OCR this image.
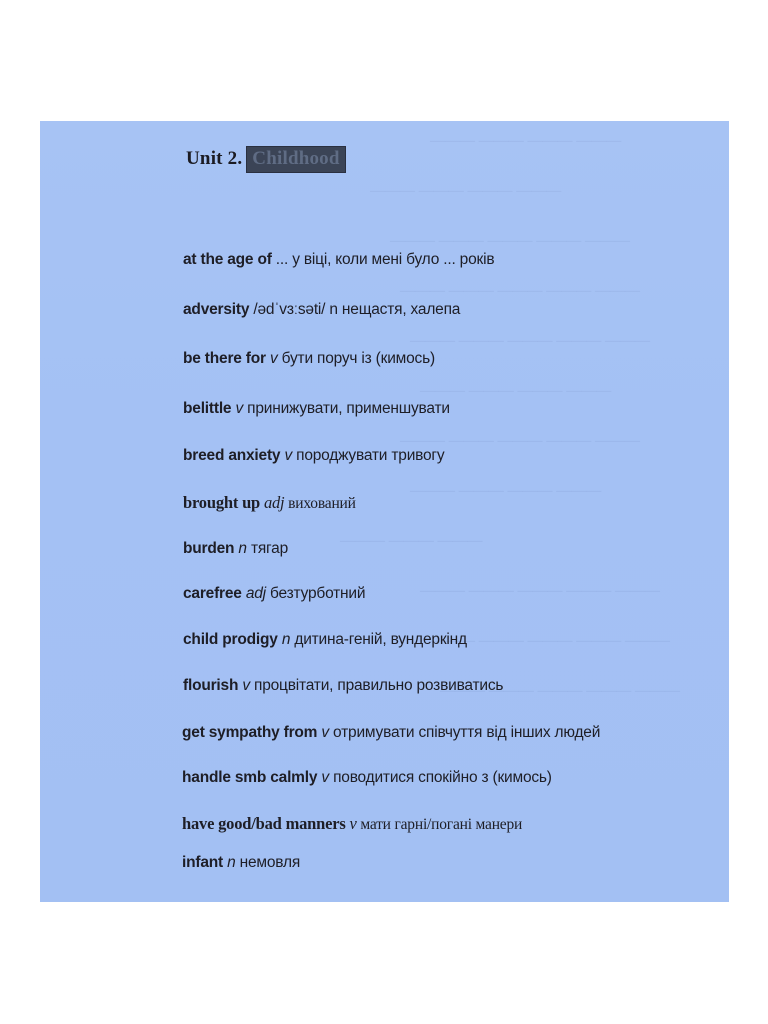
——— ——— ——— ———
——— ——— ——— ———
——— ——— ——— ——— ———
——— ——— ——— ——— ———
——— ——— ——— ——— ———
——— ——— ——— ———
——— ——— ——— ——— ———
——— ——— ——— ———
——— ——— ———
——— ——— ——— ——— ———
——— ——— ——— ——— ———
——— ——— ——— ——— ———
Unit 2. Childhood
at the age of ... у віці, коли мені було ... років
adversity /ədˈvɜːsəti/ n нещастя, халепа
be there for v бути поруч із (кимось)
belittle v принижувати, применшувати
breed anxiety v породжувати тривогу
brought up adj вихований
burden n тягар
carefree adj безтурботний
child prodigy n дитина-геній, вундеркінд
flourish v процвітати, правильно розвиватись
get sympathy from v отримувати співчуття від інших людей
handle smb calmly v поводитися спокійно з (кимось)
have good/bad manners v мати гарні/погані манери
infant n немовля
